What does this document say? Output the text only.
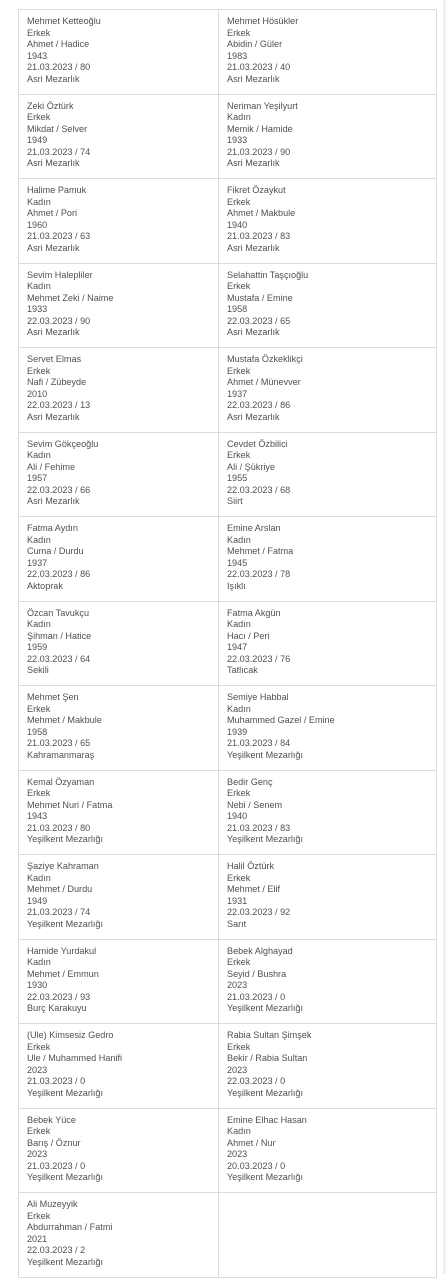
Mehmet Ketteoğlu
Erkek
Ahmet / Hadice
1943
21.03.2023 / 80
Asri Mezarlık
Mehmet Hösükler
Erkek
Abidin / Güler
1983
21.03.2023 / 40
Asri Mezarlık
Zeki Öztürk
Erkek
Mikdat / Selver
1949
21.03.2023 / 74
Asri Mezarlık
Neriman Yeşilyurt
Kadın
Memik / Hamide
1933
21.03.2023 / 90
Asri Mezarlık
Halime Pamuk
Kadın
Ahmet / Pori
1960
21.03.2023 / 63
Asri Mezarlık
Fikret Özaykut
Erkek
Ahmet / Makbule
1940
21.03.2023 / 83
Asri Mezarlık
Sevim Halepliler
Kadın
Mehmet Zeki / Naime
1933
22.03.2023 / 90
Asri Mezarlık
Selahattin Taşçıoğlu
Erkek
Mustafa / Emine
1958
22.03.2023 / 65
Asri Mezarlık
Servet Elmas
Erkek
Nafi / Zübeyde
2010
22.03.2023 / 13
Asri Mezarlık
Mustafa Özkeklikçi
Erkek
Ahmet / Münevver
1937
22.03.2023 / 86
Asri Mezarlık
Sevim Gökçeoğlu
Kadın
Ali / Fehime
1957
22.03.2023 / 66
Asri Mezarlık
Cevdet Özbilici
Erkek
Ali / Şükriye
1955
22.03.2023 / 68
Siirt
Fatma Aydın
Kadın
Cuma / Durdu
1937
22.03.2023 / 86
Aktoprak
Emine Arslan
Kadın
Mehmet / Fatma
1945
22.03.2023 / 78
Işıklı
Özcan Tavukçu
Kadın
Şihman / Hatice
1959
22.03.2023 / 64
Sekili
Fatma Akgün
Kadın
Hacı / Peri
1947
22.03.2023 / 76
Tatlıcak
Mehmet Şen
Erkek
Mehmet / Makbule
1958
21.03.2023 / 65
Kahramanmaraş
Semiye Habbal
Kadın
Muhammed Gazel / Emine
1939
21.03.2023 / 84
Yeşilkent Mezarlığı
Kemal Özyaman
Erkek
Mehmet Nuri / Fatma
1943
21.03.2023 / 80
Yeşilkent Mezarlığı
Bedir Genç
Erkek
Nebi / Senem
1940
21.03.2023 / 83
Yeşilkent Mezarlığı
Şaziye Kahraman
Kadın
Mehmet / Durdu
1949
21.03.2023 / 74
Yeşilkent Mezarlığı
Halil Öztürk
Erkek
Mehmet / Elif
1931
22.03.2023 / 92
Sarıt
Hamide Yurdakul
Kadın
Mehmet / Emmun
1930
22.03.2023 / 93
Burç Karakuyu
Bebek Alghayad
Erkek
Seyid / Bushra
2023
21.03.2023 / 0
Yeşilkent Mezarlığı
(Ule) Kimsesiz Gedro
Erkek
Ule / Muhammed Hanifi
2023
21.03.2023 / 0
Yeşilkent Mezarlığı
Rabia Sultan Şimşek
Erkek
Bekir / Rabia Sultan
2023
22.03.2023 / 0
Yeşilkent Mezarlığı
Bebek Yüce
Erkek
Barış / Öznur
2023
21.03.2023 / 0
Yeşilkent Mezarlığı
Emine Elhac Hasan
Kadın
Ahmet / Nur
2023
20.03.2023 / 0
Yeşilkent Mezarlığı
Ali Muzeyyik
Erkek
Abdurrahman / Fatmi
2021
22.03.2023 / 2
Yeşilkent Mezarlığı
